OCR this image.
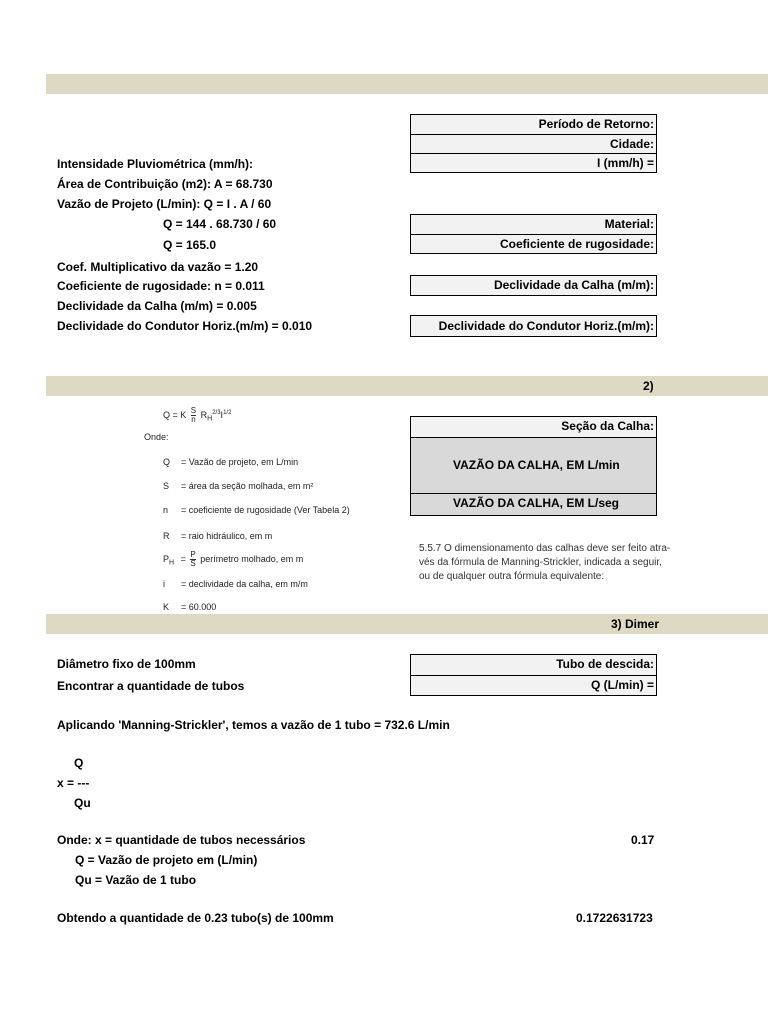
Período de Retorno:
Cidade:
I (mm/h) =
Intensidade Pluviométrica (mm/h):
Área de Contribuição (m2): A = 68.730
Vazão de Projeto (L/min): Q = I . A / 60
Q = 144 . 68.730 / 60
Q = 165.0
Coef. Multiplicativo da vazão = 1.20
Coeficiente de rugosidade: n = 0.011
Declividade da Calha (m/m) = 0.005
Declividade do Condutor Horiz.(m/m) = 0.010
Material:
Coeficiente de rugosidade:
Declividade da Calha (m/m):
Declividade do Condutor Horiz.(m/m):
2)
Q = K $\frac{S}{n} R_H^{2/3}I^{1/2}$
Onde:
Q = Vazão de projeto, em L/min
S = área da seção molhada, em m²
n = coeficiente de rugosidade (Ver Tabela 2)
R = raio hidráulico, em m
$P_H = \frac{P}{S}$ perímetro molhado, em m
i = declividade da calha, em m/m
K = 60.000
Seção da Calha:
VAZÃO DA CALHA, EM L/min
VAZÃO DA CALHA, EM L/seg
5.5.7 O dimensionamento das calhas deve ser feito atra-
vés da fórmula de Manning-Strickler, indicada a seguir,
ou de qualquer outra fórmula equivalente:
3) Dimer
Diâmetro fixo de 100mm
Encontrar a quantidade de tubos
Tubo de descida:
Q (L/min) =
Aplicando 'Manning-Strickler', temos a vazão de 1 tubo = 732.6 L/min
Q
x = ---
Qu
Onde: x = quantidade de tubos necessários
Q = Vazão de projeto em (L/min)
Qu = Vazão de 1 tubo
0.17
Obtendo a quantidade de 0.23 tubo(s) de 100mm	0.1722631723
